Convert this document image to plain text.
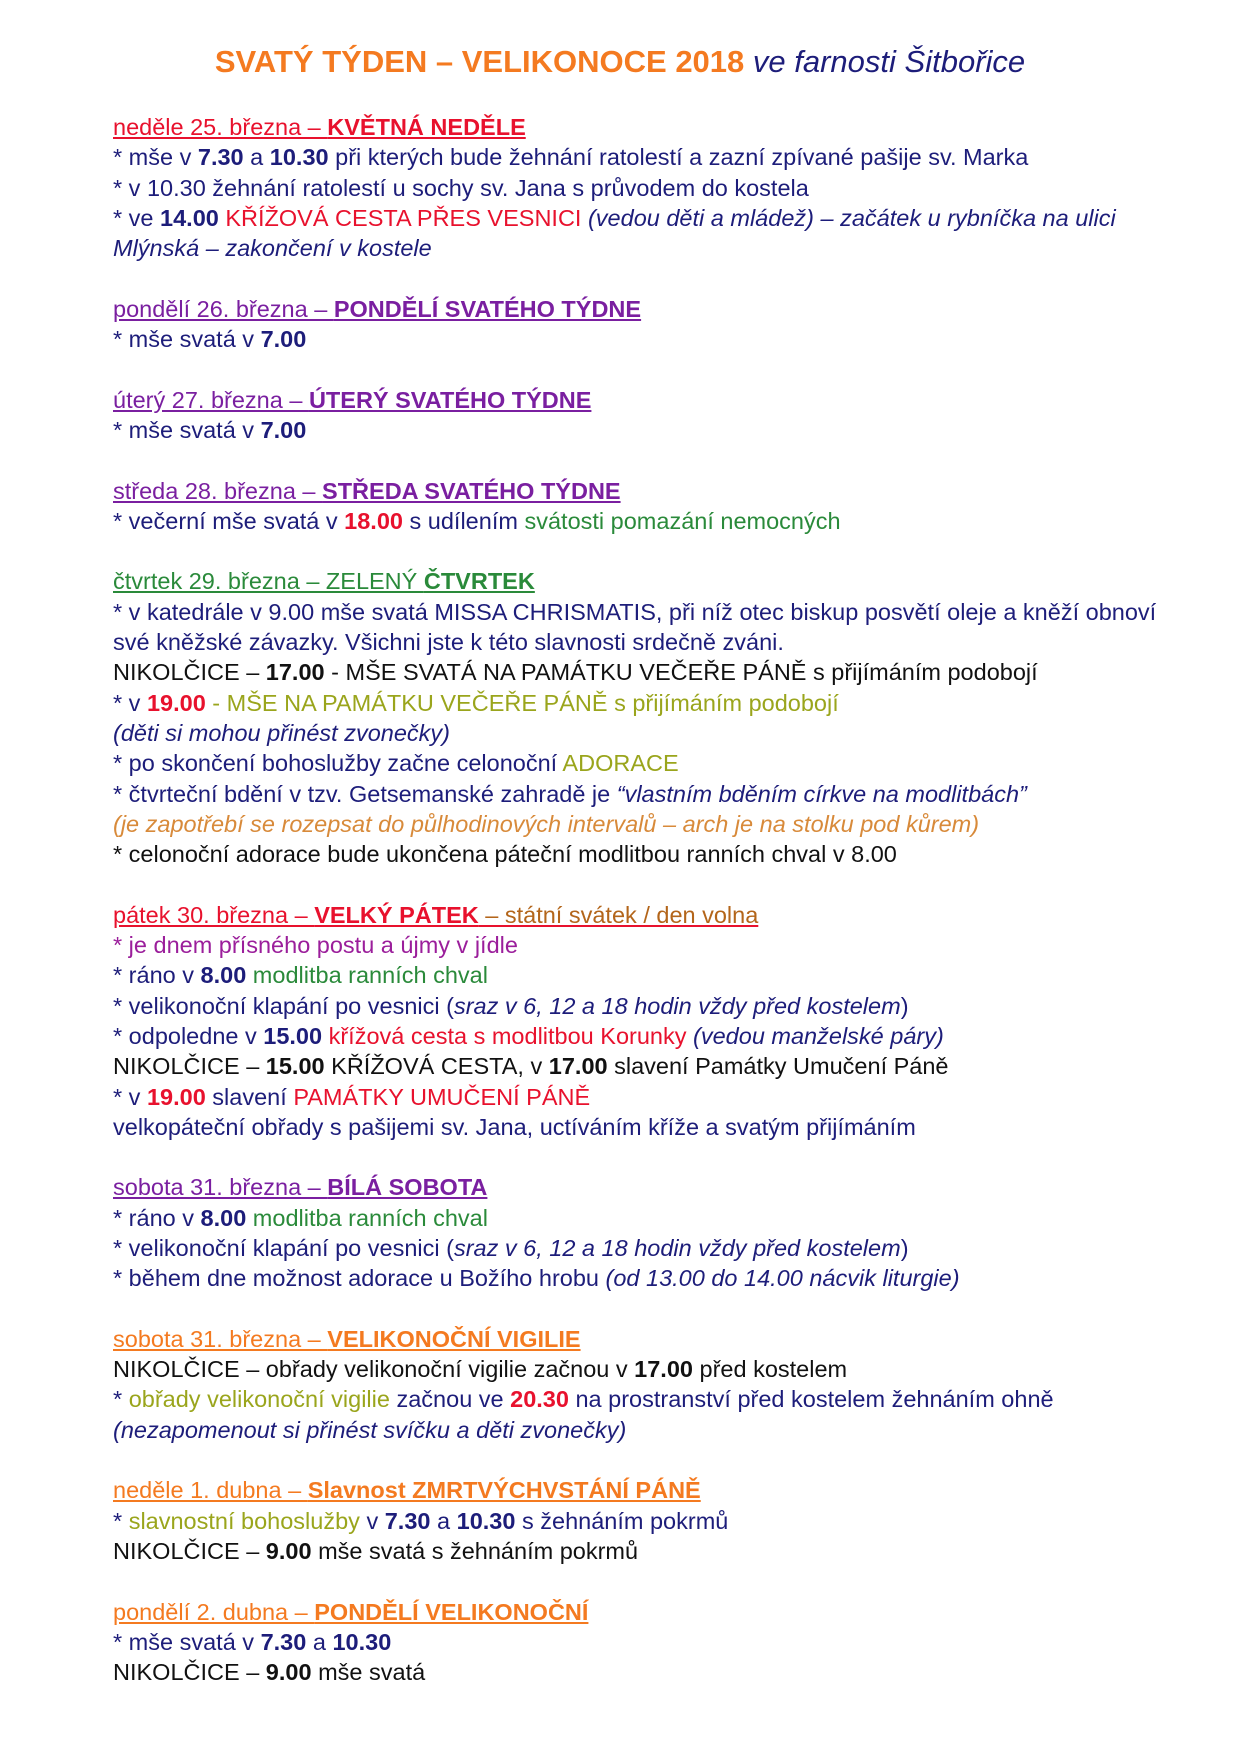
SVATÝ TÝDEN – VELIKONOCE 2018 ve farnosti Šitbořice
neděle 25. března – KVĚTNÁ NEDĚLE
* mše v 7.30 a 10.30 při kterých bude žehnání ratolestí a zazní zpívané pašije sv. Marka
* v 10.30 žehnání ratolestí u sochy sv. Jana s průvodem do kostela
* ve 14.00 KŘÍŽOVÁ CESTA PŘES VESNICI (vedou děti a mládež) – začátek u rybníčka na ulici Mlýnská – zakončení v kostele
pondělí 26. března – PONDĚLÍ SVATÉHO TÝDNE
* mše svatá v 7.00
úterý 27. března – ÚTERÝ SVATÉHO TÝDNE
* mše svatá v 7.00
středa 28. března – STŘEDA SVATÉHO TÝDNE
* večerní mše svatá v 18.00 s udílením svátosti pomazání nemocných
čtvrtek 29. března – ZELENÝ ČTVRTEK
* v katedrále v 9.00 mše svatá MISSA CHRISMATIS, při níž otec biskup posvětí oleje a kněží obnoví své kněžské závazky. Všichni jste k této slavnosti srdečně zváni.
NIKOLČICE – 17.00 - MŠE SVATÁ NA PAMÁTKU VEČEŘE PÁNĚ s přijímáním podobojí
* v 19.00 - MŠE NA PAMÁTKU VEČEŘE PÁNĚ s přijímáním podobojí
(děti si mohou přinést zvonečky)
* po skončení bohoslužby začne celonoční ADORACE
* čtvrteční bdění v tzv. Getsemanské zahradě je “vlastním bděním církve na modlitbách”
(je zapotřebí se rozepsat do půlhodinových intervalů – arch je na stolku pod kůrem)
* celonoční adorace bude ukončena páteční modlitbou ranních chval v 8.00
pátek 30. března – VELKÝ PÁTEK – státní svátek / den volna
* je dnem přísného postu a újmy v jídle
* ráno v 8.00 modlitba ranních chval
* velikonoční klapání po vesnici (sraz v 6, 12 a 18 hodin vždy před kostelem)
* odpoledne v 15.00 křížová cesta s modlitbou Korunky (vedou manželské páry)
NIKOLČICE – 15.00 KŘÍŽOVÁ CESTA, v 17.00 slavení Památky Umučení Páně
* v 19.00 slavení PAMÁTKY UMUČENÍ PÁNĚ
velkopáteční obřady s pašijemi sv. Jana, uctíváním kříže a svatým přijímáním
sobota 31. března – BÍLÁ SOBOTA
* ráno v 8.00 modlitba ranních chval
* velikonoční klapání po vesnici (sraz v 6, 12 a 18 hodin vždy před kostelem)
* během dne možnost adorace u Božího hrobu (od 13.00 do 14.00 nácvik liturgie)
sobota 31. března – VELIKONOČNÍ VIGILIE
NIKOLČICE – obřady velikonoční vigilie začnou v 17.00 před kostelem
* obřady velikonoční vigilie začnou ve 20.30 na prostranství před kostelem žehnáním ohně
(nezapomenout si přinést svíčku a děti zvonečky)
neděle 1. dubna – Slavnost ZMRTVÝCHVSTÁNÍ PÁNĚ
* slavnostní bohoslužby v 7.30 a 10.30 s žehnáním pokrmů
NIKOLČICE – 9.00 mše svatá s žehnáním pokrmů
pondělí 2. dubna – PONDĚLÍ VELIKONOČNÍ
* mše svatá v 7.30 a 10.30
NIKOLČICE – 9.00 mše svatá
